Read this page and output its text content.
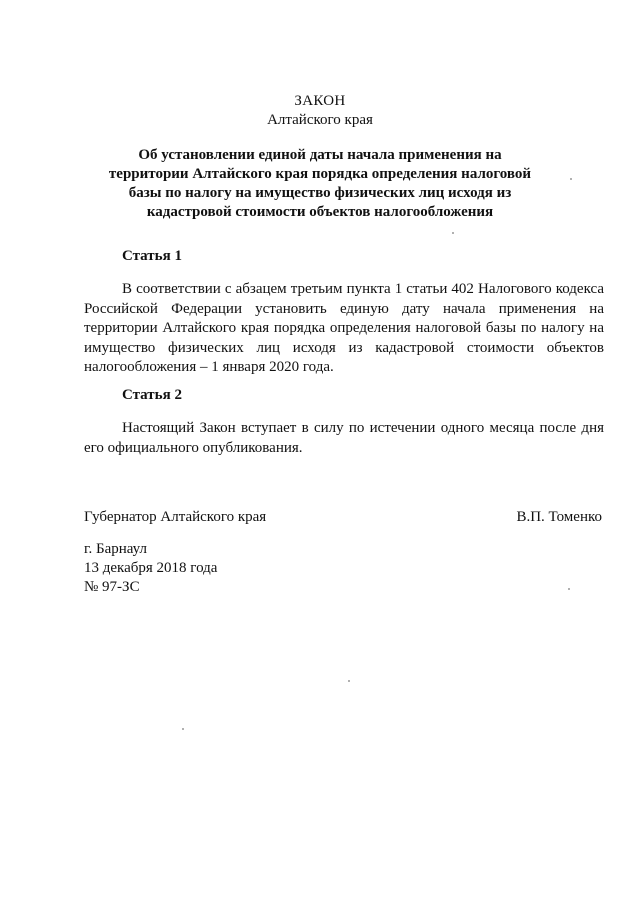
ЗАКОН
Алтайского края
Об установлении единой даты начала применения на территории Алтайского края порядка определения налоговой базы по налогу на имущество физических лиц исходя из кадастровой стоимости объектов налогообложения
Статья 1
В соответствии с абзацем третьим пункта 1 статьи 402 Налогового кодекса Российской Федерации установить единую дату начала применения на территории Алтайского края порядка определения налоговой базы по налогу на имущество физических лиц исходя из кадастровой стоимости объектов налогообложения – 1 января 2020 года.
Статья 2
Настоящий Закон вступает в силу по истечении одного месяца после дня его официального опубликования.
Губернатор Алтайского края	В.П. Томенко
г. Барнаул
13 декабря 2018 года
№ 97-ЗС
